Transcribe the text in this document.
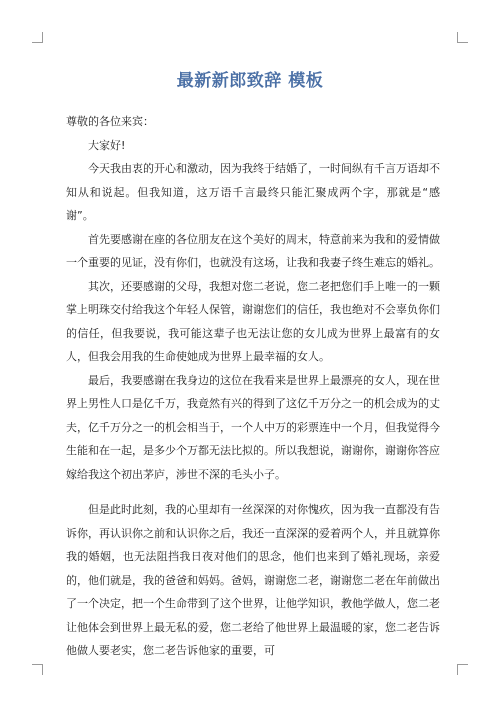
最新新郎致辞 模板

尊敬的各位来宾：

大家好!

今天我由衷的开心和激动，因为我终于结婚了，一时间纵有千言万语却不知从和说起。但我知道，这万语千言最终只能汇聚成两个字，那就是“感谢”。

首先要感谢在座的各位朋友在这个美好的周末，特意前来为我和的爱情做一个重要的见证，没有你们，也就没有这场，让我和我妻子终生难忘的婚礼。

其次，还要感谢的父母，我想对您二老说，您二老把您们手上唯一的一颗掌上明珠交付给我这个年轻人保管，谢谢您们的信任，我也绝对不会辜负你们的信任，但我要说，我可能这辈子也无法让您的女儿成为世界上最富有的女人，但我会用我的生命使她成为世界上最幸福的女人。

最后，我要感谢在我身边的这位在我看来是世界上最漂亮的女人，现在世界上男性人口是亿千万，我竟然有兴的得到了这亿千万分之一的机会成为的丈夫，亿千万分之一的机会相当于，一个人中万的彩票连中一个月，但我觉得今生能和在一起，是多少个万都无法比拟的。所以我想说，谢谢你，谢谢你答应嫁给我这个初出茅庐，涉世不深的毛头小子。

但是此时此刻，我的心里却有一丝深深的对你愧疚，因为我一直都没有告诉你，再认识你之前和认识你之后，我还一直深深的爱着两个人，并且就算你我的婚姻，也无法阻挡我日夜对他们的思念，他们也来到了婚礼现场，亲爱的，他们就是，我的爸爸和妈妈。爸妈，谢谢您二老，谢谢您二老在年前做出了一个决定，把一个生命带到了这个世界，让他学知识，教他学做人，您二老让他体会到世界上最无私的爱，您二老给了他世界上最温暖的家，您二老告诉他做人要老实，您二老告诉他家的重要，可
